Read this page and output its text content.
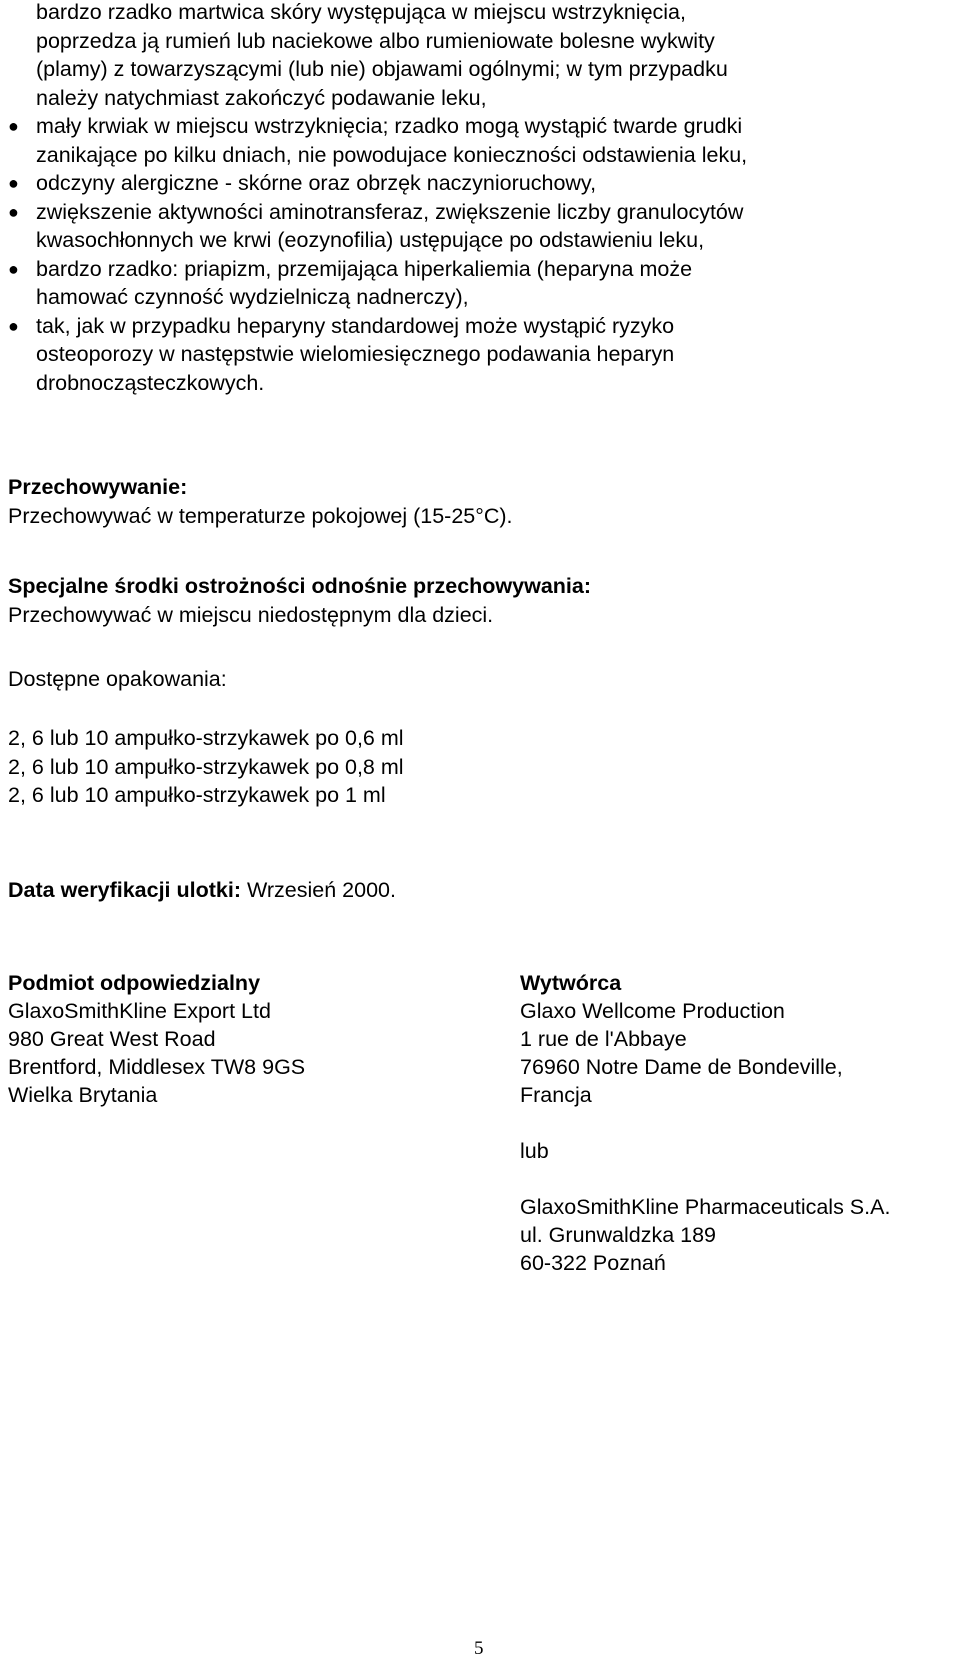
bardzo rzadko martwica skóry występująca w miejscu wstrzyknięcia,
poprzedza ją rumień lub naciekowe albo rumieniowate bolesne wykwity
(plamy) z towarzyszącymi (lub nie) objawami ogólnymi; w tym przypadku
należy natychmiast zakończyć podawanie leku,
● mały krwiak w miejscu wstrzyknięcia; rzadko mogą wystąpić twarde grudki
zanikające po kilku dniach, nie powodujace konieczności odstawienia leku,
● odczyny alergiczne - skórne oraz obrzęk naczynioruchowy,
● zwiększenie aktywności aminotransferaz, zwiększenie liczby granulocytów
kwasochłonnych we krwi (eozynofilia) ustępujące po odstawieniu leku,
● bardzo rzadko: priapizm, przemijająca hiperkaliemia (heparyna może
hamować czynność wydzielniczą nadnerczy),
● tak, jak w przypadku heparyny standardowej może wystąpić ryzyko
osteoporozy w następstwie wielomiesięcznego podawania heparyn
drobnocząsteczkowych.
Przechowywanie:
Przechowywać w temperaturze pokojowej (15-25°C).
Specjalne środki ostrożności odnośnie przechowywania:
Przechowywać w miejscu niedostępnym dla dzieci.
Dostępne opakowania:
2, 6 lub 10 ampułko-strzykawek po 0,6 ml
2, 6 lub 10 ampułko-strzykawek po 0,8 ml
2, 6 lub 10 ampułko-strzykawek po 1 ml
Data weryfikacji ulotki: Wrzesień 2000.
Podmiot odpowiedzialny
GlaxoSmithKline Export Ltd
980 Great West Road
Brentford, Middlesex TW8 9GS
Wielka Brytania
Wytwórca
Glaxo Wellcome Production
1 rue de l'Abbaye
76960 Notre Dame de Bondeville,
Francja
lub
GlaxoSmithKline Pharmaceuticals S.A.
ul. Grunwaldzka 189
60-322 Poznań
5
